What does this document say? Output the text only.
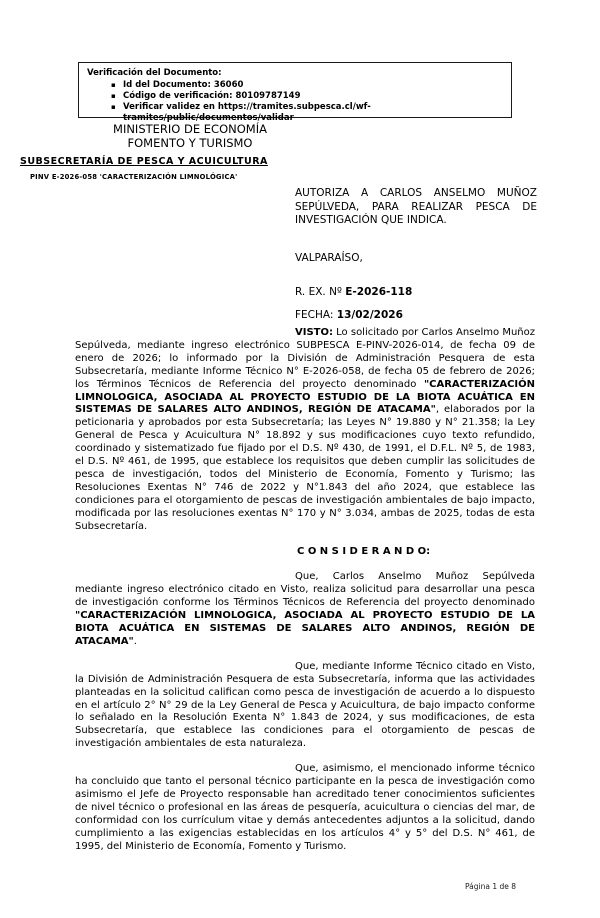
Verificación del Documento:

▪ Id del Documento: 36060
▪ Código de verificación: 80109787149
▪ Verificar validez en https://tramites.subpesca.cl/wf-tramites/public/documentos/validar
MINISTERIO DE ECONOMÍA
FOMENTO Y TURISMO
SUBSECRETARÍA DE PESCA Y ACUICULTURA
PINV E-2026-058 'CARACTERIZACIÓN LIMNOLÓGICA'
AUTORIZA A CARLOS ANSELMO MUÑOZ SEPÚLVEDA, PARA REALIZAR PESCA DE INVESTIGACIÓN QUE INDICA.
VALPARAÍSO,
R. EX. Nº E-2026-118
FECHA: 13/02/2026

VISTO: Lo solicitado por Carlos Anselmo Muñoz Sepúlveda, mediante ingreso electrónico SUBPESCA E-PINV-2026-014, de fecha 09 de enero de 2026; lo informado por la División de Administración Pesquera de esta Subsecretaría, mediante Informe Técnico N° E-2026-058, de fecha 05 de febrero de 2026; los Términos Técnicos de Referencia del proyecto denominado "CARACTERIZACIÓN LIMNOLOGICA, ASOCIADA AL PROYECTO ESTUDIO DE LA BIOTA ACUÁTICA EN SISTEMAS DE SALARES ALTO ANDINOS, REGIÓN DE ATACAMA", elaborados por la peticionaria y aprobados por esta Subsecretaría; las Leyes N° 19.880 y N° 21.358; la Ley General de Pesca y Acuicultura N° 18.892 y sus modificaciones cuyo texto refundido, coordinado y sistematizado fue fijado por el D.S. Nº 430, de 1991, el D.F.L. Nº 5, de 1983, el D.S. Nº 461, de 1995, que establece los requisitos que deben cumplir las solicitudes de pesca de investigación, todos del Ministerio de Economía, Fomento y Turismo; las Resoluciones Exentas N° 746 de 2022 y N°1.843 del año 2024, que establece las condiciones para el otorgamiento de pescas de investigación ambientales de bajo impacto, modificada por las resoluciones exentas N° 170 y N° 3.034, ambas de 2025, todas de esta Subsecretaría.

C O N S I D E R A N D O:

Que, Carlos Anselmo Muñoz Sepúlveda mediante ingreso electrónico citado en Visto, realiza solicitud para desarrollar una pesca de investigación conforme los Términos Técnicos de Referencia del proyecto denominado "CARACTERIZACIÓN LIMNOLOGICA, ASOCIADA AL PROYECTO ESTUDIO DE LA BIOTA ACUÁTICA EN SISTEMAS DE SALARES ALTO ANDINOS, REGIÓN DE ATACAMA".

Que, mediante Informe Técnico citado en Visto, la División de Administración Pesquera de esta Subsecretaría, informa que las actividades planteadas en la solicitud califican como pesca de investigación de acuerdo a lo dispuesto en el artículo 2° N° 29 de la Ley General de Pesca y Acuicultura, de bajo impacto conforme lo señalado en la Resolución Exenta N° 1.843 de 2024, y sus modificaciones, de esta Subsecretaría, que establece las condiciones para el otorgamiento de pescas de investigación ambientales de esta naturaleza.

Que, asimismo, el mencionado informe técnico ha concluido que tanto el personal técnico participante en la pesca de investigación como asimismo el Jefe de Proyecto responsable han acreditado tener conocimientos suficientes de nivel técnico o profesional en las áreas de pesquería, acuicultura o ciencias del mar, de conformidad con los currículum vitae y demás antecedentes adjuntos a la solicitud, dando cumplimiento a las exigencias establecidas en los artículos 4° y 5° del D.S. N° 461, de 1995, del Ministerio de Economía, Fomento y Turismo.

Página 1 de 8
